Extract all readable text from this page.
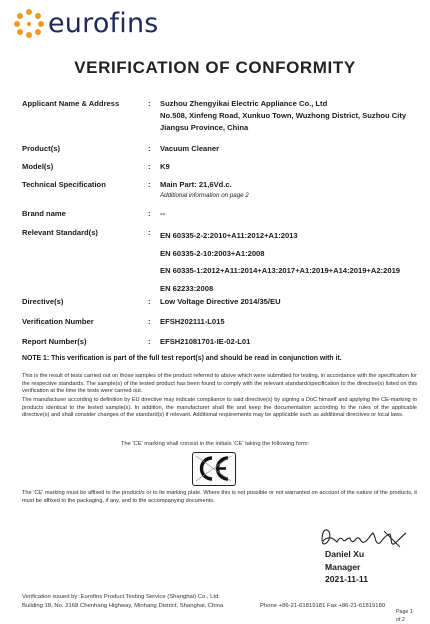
eurofins
VERIFICATION OF CONFORMITY
Applicant Name & Address	: Suzhou Zhengyikai Electric Appliance Co., Ltd
No.508, Xinfeng Road, Xunkuo Town, Wuzhong District, Suzhou City
Jiangsu Province, China
Product(s)	: Vacuum Cleaner
Model(s)	: K9
Technical Specification	: Main Part: 21,6Vd.c.
Additional information on page 2
Brand name	: --
Relevant Standard(s)	: EN 60335-2-2:2010+A11:2012+A1:2013
EN 60335-2-10:2003+A1:2008
EN 60335-1:2012+A11:2014+A13:2017+A1:2019+A14:2019+A2:2019
EN 62233:2008
Directive(s)	: Low Voltage Directive 2014/35/EU
Verification Number	: EFSH202111-L015
Report Number(s)	: EFSH21081701-IE-02-L01
NOTE 1: This verification is part of the full test report(s) and should be read in conjunction with it.
This is the result of tests carried out on those samples of the product referred to above which were submitted for testing, in accordance with the specification for the respective standards. The sample(s) of the tested product has been found to comply with the relevant standard/specification to the directive(s) listed on this verification at the time the tests were carried out.
The manufacturer according to definition by EU directive may indicate compliance to said directive(s) by signing a DoC himself and applying the CE-marking to products identical to the tested sample(s). In addition, the manufacturer shall file and keep the documentation according to the rules of the applicable directive(s) and shall consider changes of the standard(s) if relevant. Additional requirements may be applicable such as additional directives or local laws.
The 'CE' marking shall consist in the initials 'CE' taking the following form:
The 'CE' marking must be affixed to the product/s or to its marking plate. Where this is not possible or not warranted on account of the nature of the products, it must be affixed to the packaging, if any, and to the accompanying documents.
Daniel Xu
Manager
2021-11-11
Verification issued by: Eurofins Product Testing Service (Shanghai) Co., Ltd.
Building 18, No. 2168 Chenhang Highway, Minhang District, Shanghai, China	Phone +86-21-61819181 Fax +86-21-61819180
Page 1 of 2
